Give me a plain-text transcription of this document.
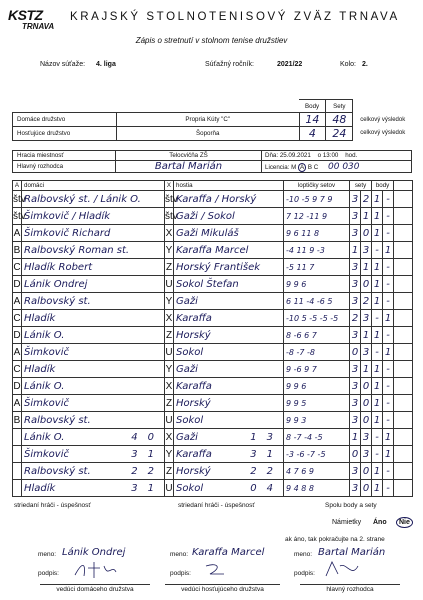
KSTZ
TRNAVA
KRAJSKÝ STOLNOTENISOVÝ ZVÄZ TRNAVA
Zápis o stretnutí v stolnom tenise družstiev
Názov súťaže: 4. liga	Súťažný ročník:	2021/22	Kolo: 2.
		Body	Sety	
Domáce družstvo	Propria Kúty "C"	14	48	celkový výsledok
celkový výsledok

Hosťujúce družstvo	Šoporňa	4	24	
Hracia miestnosť	Telocvičňa ZŠ	Dňa: 25.09.2021 o 13:00 hod.
Hlavný rozhodca	Bartal Marián	Licencia: M A B C 00 030
A	domáci	X	hostia	loptičky setov	sety		body		
štv	Ralbovský st. / Lánik O.	štv	Karaffa / Horský	-10 -5 9 7 9	3	2	1	-	
štv	Šimkovič / Hladík	štv	Gaži / Sokol	7 12 -11 9	3	1	1	-	
A	Šimkovič Richard	X	Gaži Mikuláš	9 6 11 8	3	0	1	-	
B	Ralbovský Roman st.	Y	Karaffa Marcel	-4 11 9 -3	1	3	-	1	
C	Hladík Robert	Z	Horský František	-5 11 7	3	1	1	-	
D	Lánik Ondrej	U	Sokol Štefan	9 9 6	3	0	1	-	
A	Ralbovský st.	Y	Gaži	6 11 -4 -6 5	3	2	1	-	
C	Hladík	X	Karaffa	-10 5 -5 -5 -5	2	3	-	1	
D	Lánik O.	Z	Horský	8 -6 6 7	3	1	1	-	
A	Šimkovič	U	Sokol	-8 -7 -8	0	3	-	1	
C	Hladík	Y	Gaži	9 -6 9 7	3	1	1	-	
D	Lánik O.	X	Karaffa	9 9 6	3	0	1	-	
A	Šimkovič	Z	Horský	9 9 5	3	0	1	-	
B	Ralbovský st.	U	Sokol	9 9 3	3	0	1	-	
	Lánik O. 40	X	Gaži 13	8 -7 -4 -5	1	3	-	1	
	Šimkovič 31	Y	Karaffa 31	-3 -6 -7 -5	0	3	-	1	
	Ralbovský st. 22	Z	Horský 22	4 7 6 9	3	0	1	-	
	Hladík 31	U	Sokol 04	9 4 8 8	3	0	1	-	
striedaní hráči - úspešnosť	striedaní hráči - úspešnosť	Spolu body a sety
Námietky Áno	Nie
ak áno, tak pokračujte na 2. strane
meno: Lánik Ondrej	meno: Karaffa Marcel	meno: Bartal Marián
podpis:	podpis:	podpis:
vedúci domáceho družstva	vedúci hosťujúceho družstva	hlavný rozhodca
